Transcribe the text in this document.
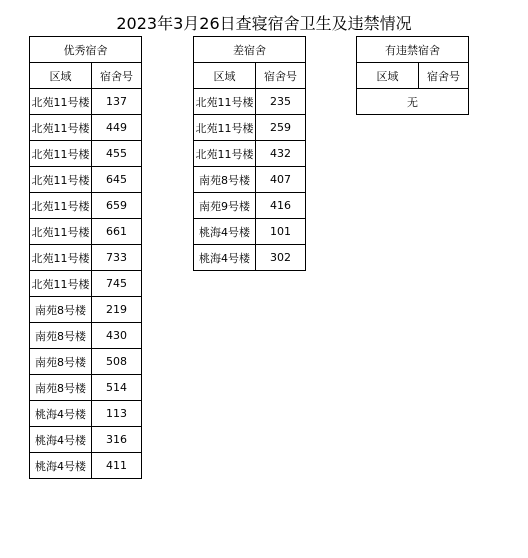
2023年3月26日查寝宿舍卫生及违禁情况
优秀宿舍	
区域	宿舍号
北苑11号楼	137
北苑11号楼	449
北苑11号楼	455
北苑11号楼	645
北苑11号楼	659
北苑11号楼	661
北苑11号楼	733
北苑11号楼	745
南苑8号楼	219
南苑8号楼	430
南苑8号楼	508
南苑8号楼	514
桃海4号楼	113
桃海4号楼	316
桃海4号楼	411
差宿舍	
区域	宿舍号
北苑11号楼	235
北苑11号楼	259
北苑11号楼	432
南苑8号楼	407
南苑9号楼	416
桃海4号楼	101
桃海4号楼	302
有违禁宿舍
区域	宿舍号
无
